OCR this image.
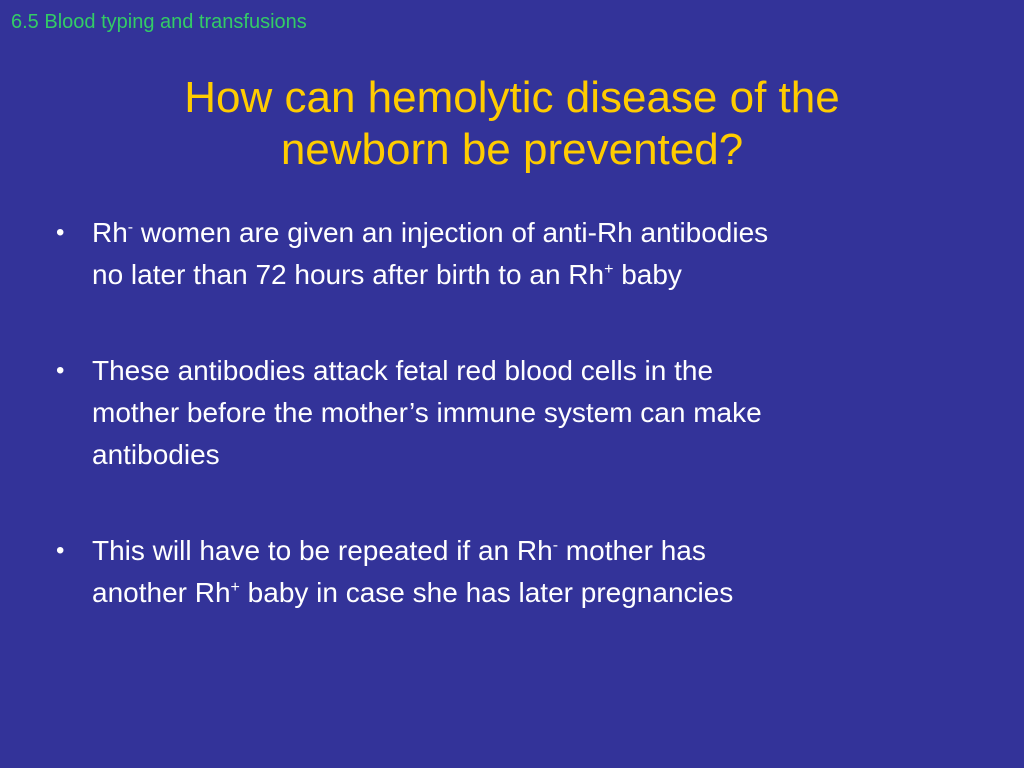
6.5 Blood typing and transfusions
How can hemolytic disease of the
newborn be prevented?
• Rh- women are given an injection of anti-Rh antibodies
no later than 72 hours after birth to an Rh+ baby
• These antibodies attack fetal red blood cells in the
mother before the mother’s immune system can make
antibodies
• This will have to be repeated if an Rh- mother has
another Rh+ baby in case she has later pregnancies
